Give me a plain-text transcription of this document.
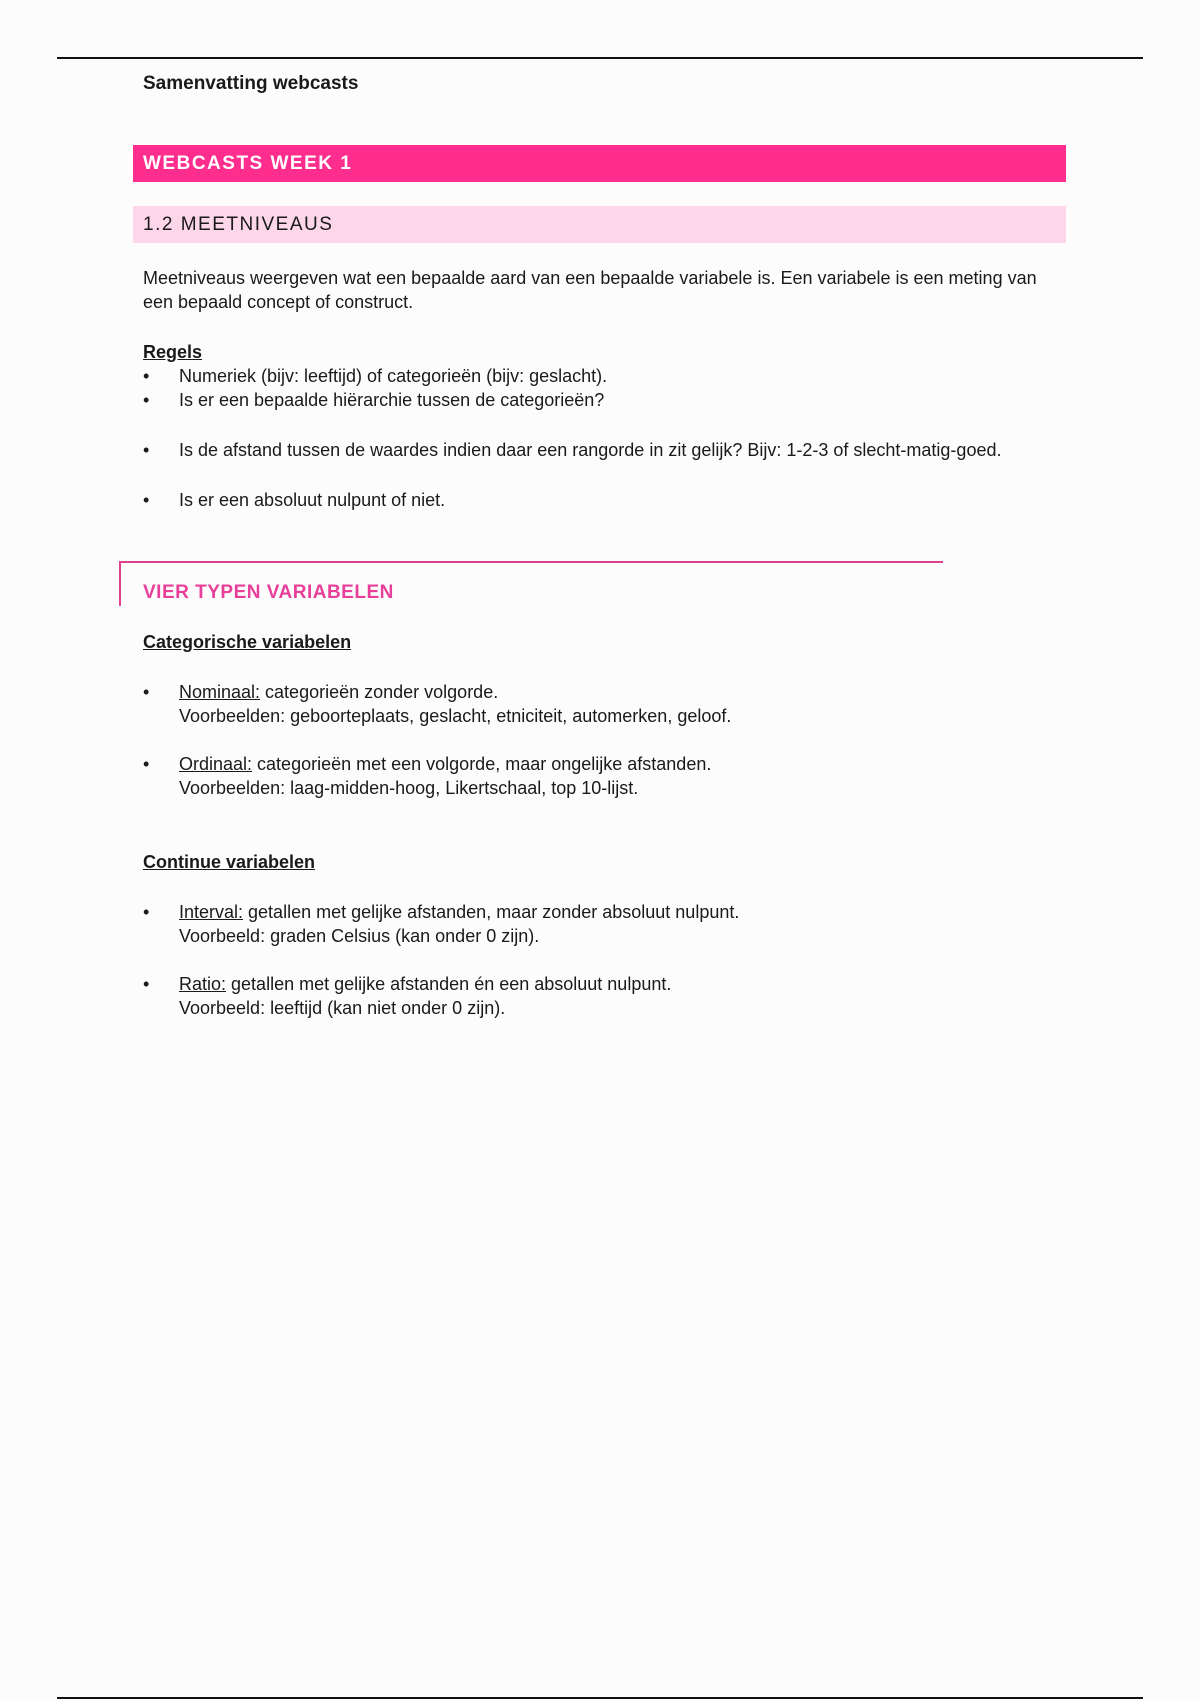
Samenvatting webcasts
WEBCASTS WEEK 1
1.2 MEETNIVEAUS
Meetniveaus weergeven wat een bepaalde aard van een bepaalde variabele is. Een variabele is een meting van een bepaald concept of construct.
Regels
• Numeriek (bijv: leeftijd) of categorieën (bijv: geslacht).
• Is er een bepaalde hiërarchie tussen de categorieën?
• Is de afstand tussen de waardes indien daar een rangorde in zit gelijk? Bijv: 1-2-3 of slecht-matig-goed.
• Is er een absoluut nulpunt of niet.
VIER TYPEN VARIABELEN
Categorische variabelen
• Nominaal: categorieën zonder volgorde.
Voorbeelden: geboorteplaats, geslacht, etniciteit, automerken, geloof.
• Ordinaal: categorieën met een volgorde, maar ongelijke afstanden.
Voorbeelden: laag-midden-hoog, Likertschaal, top 10-lijst.
Continue variabelen
• Interval: getallen met gelijke afstanden, maar zonder absoluut nulpunt.
Voorbeeld: graden Celsius (kan onder 0 zijn).
• Ratio: getallen met gelijke afstanden én een absoluut nulpunt.
Voorbeeld: leeftijd (kan niet onder 0 zijn).
